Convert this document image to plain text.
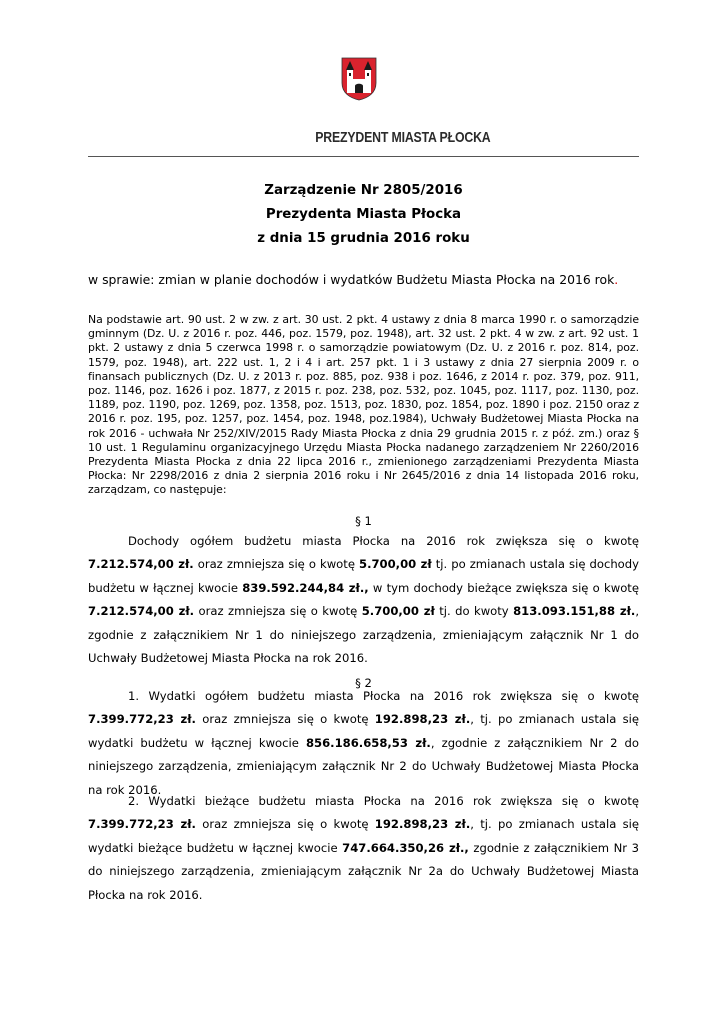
PREZYDENT MIASTA PŁOCKA
Zarządzenie Nr 2805/2016
Prezydenta Miasta Płocka
z dnia 15 grudnia 2016 roku
w sprawie: zmian w planie dochodów i wydatków Budżetu Miasta Płocka na 2016 rok.
Na podstawie art. 90 ust. 2 w zw. z art. 30 ust. 2 pkt. 4 ustawy z dnia 8 marca 1990 r. o samorządzie gminnym (Dz. U. z 2016 r. poz. 446, poz. 1579, poz. 1948), art. 32 ust. 2 pkt. 4 w zw. z art. 92 ust. 1 pkt. 2 ustawy z dnia 5 czerwca 1998 r. o samorządzie powiatowym (Dz. U. z 2016 r. poz. 814, poz. 1579, poz. 1948), art. 222 ust. 1, 2 i 4 i art. 257 pkt. 1 i 3 ustawy z dnia 27 sierpnia 2009 r. o finansach publicznych (Dz. U. z 2013 r. poz. 885, poz. 938 i poz. 1646, z 2014 r. poz. 379, poz. 911, poz. 1146, poz. 1626 i poz. 1877, z 2015 r. poz. 238, poz. 532, poz. 1045, poz. 1117, poz. 1130, poz. 1189, poz. 1190, poz. 1269, poz. 1358, poz. 1513, poz. 1830, poz. 1854, poz. 1890 i poz. 2150 oraz z 2016 r. poz. 195, poz. 1257, poz. 1454, poz. 1948, poz.1984), Uchwały Budżetowej Miasta Płocka na rok 2016 - uchwała Nr 252/XIV/2015 Rady Miasta Płocka z dnia 29 grudnia 2015 r. z póź. zm.) oraz § 10 ust. 1 Regulaminu organizacyjnego Urzędu Miasta Płocka nadanego zarządzeniem Nr 2260/2016 Prezydenta Miasta Płocka z dnia 22 lipca 2016 r., zmienionego zarządzeniami Prezydenta Miasta Płocka: Nr 2298/2016 z dnia 2 sierpnia 2016 roku i Nr 2645/2016 z dnia 14 listopada 2016 roku, zarządzam, co następuje:
§ 1
Dochody ogółem budżetu miasta Płocka na 2016 rok zwiększa się o kwotę 7.212.574,00 zł. oraz zmniejsza się o kwotę 5.700,00 zł tj. po zmianach ustala się dochody budżetu w łącznej kwocie 839.592.244,84 zł., w tym dochody bieżące zwiększa się o kwotę 7.212.574,00 zł. oraz zmniejsza się o kwotę 5.700,00 zł tj. do kwoty 813.093.151,88 zł., zgodnie z załącznikiem Nr 1 do niniejszego zarządzenia, zmieniającym załącznik Nr 1 do Uchwały Budżetowej Miasta Płocka na rok 2016.
§ 2
1. Wydatki ogółem budżetu miasta Płocka na 2016 rok zwiększa się o kwotę 7.399.772,23 zł. oraz zmniejsza się o kwotę 192.898,23 zł., tj. po zmianach ustala się wydatki budżetu w łącznej kwocie 856.186.658,53 zł., zgodnie z załącznikiem Nr 2 do niniejszego zarządzenia, zmieniającym załącznik Nr 2 do Uchwały Budżetowej Miasta Płocka na rok 2016.
2. Wydatki bieżące budżetu miasta Płocka na 2016 rok zwiększa się o kwotę 7.399.772,23 zł. oraz zmniejsza się o kwotę 192.898,23 zł., tj. po zmianach ustala się wydatki bieżące budżetu w łącznej kwocie 747.664.350,26 zł., zgodnie z załącznikiem Nr 3 do niniejszego zarządzenia, zmieniającym załącznik Nr 2a do Uchwały Budżetowej Miasta Płocka na rok 2016.
